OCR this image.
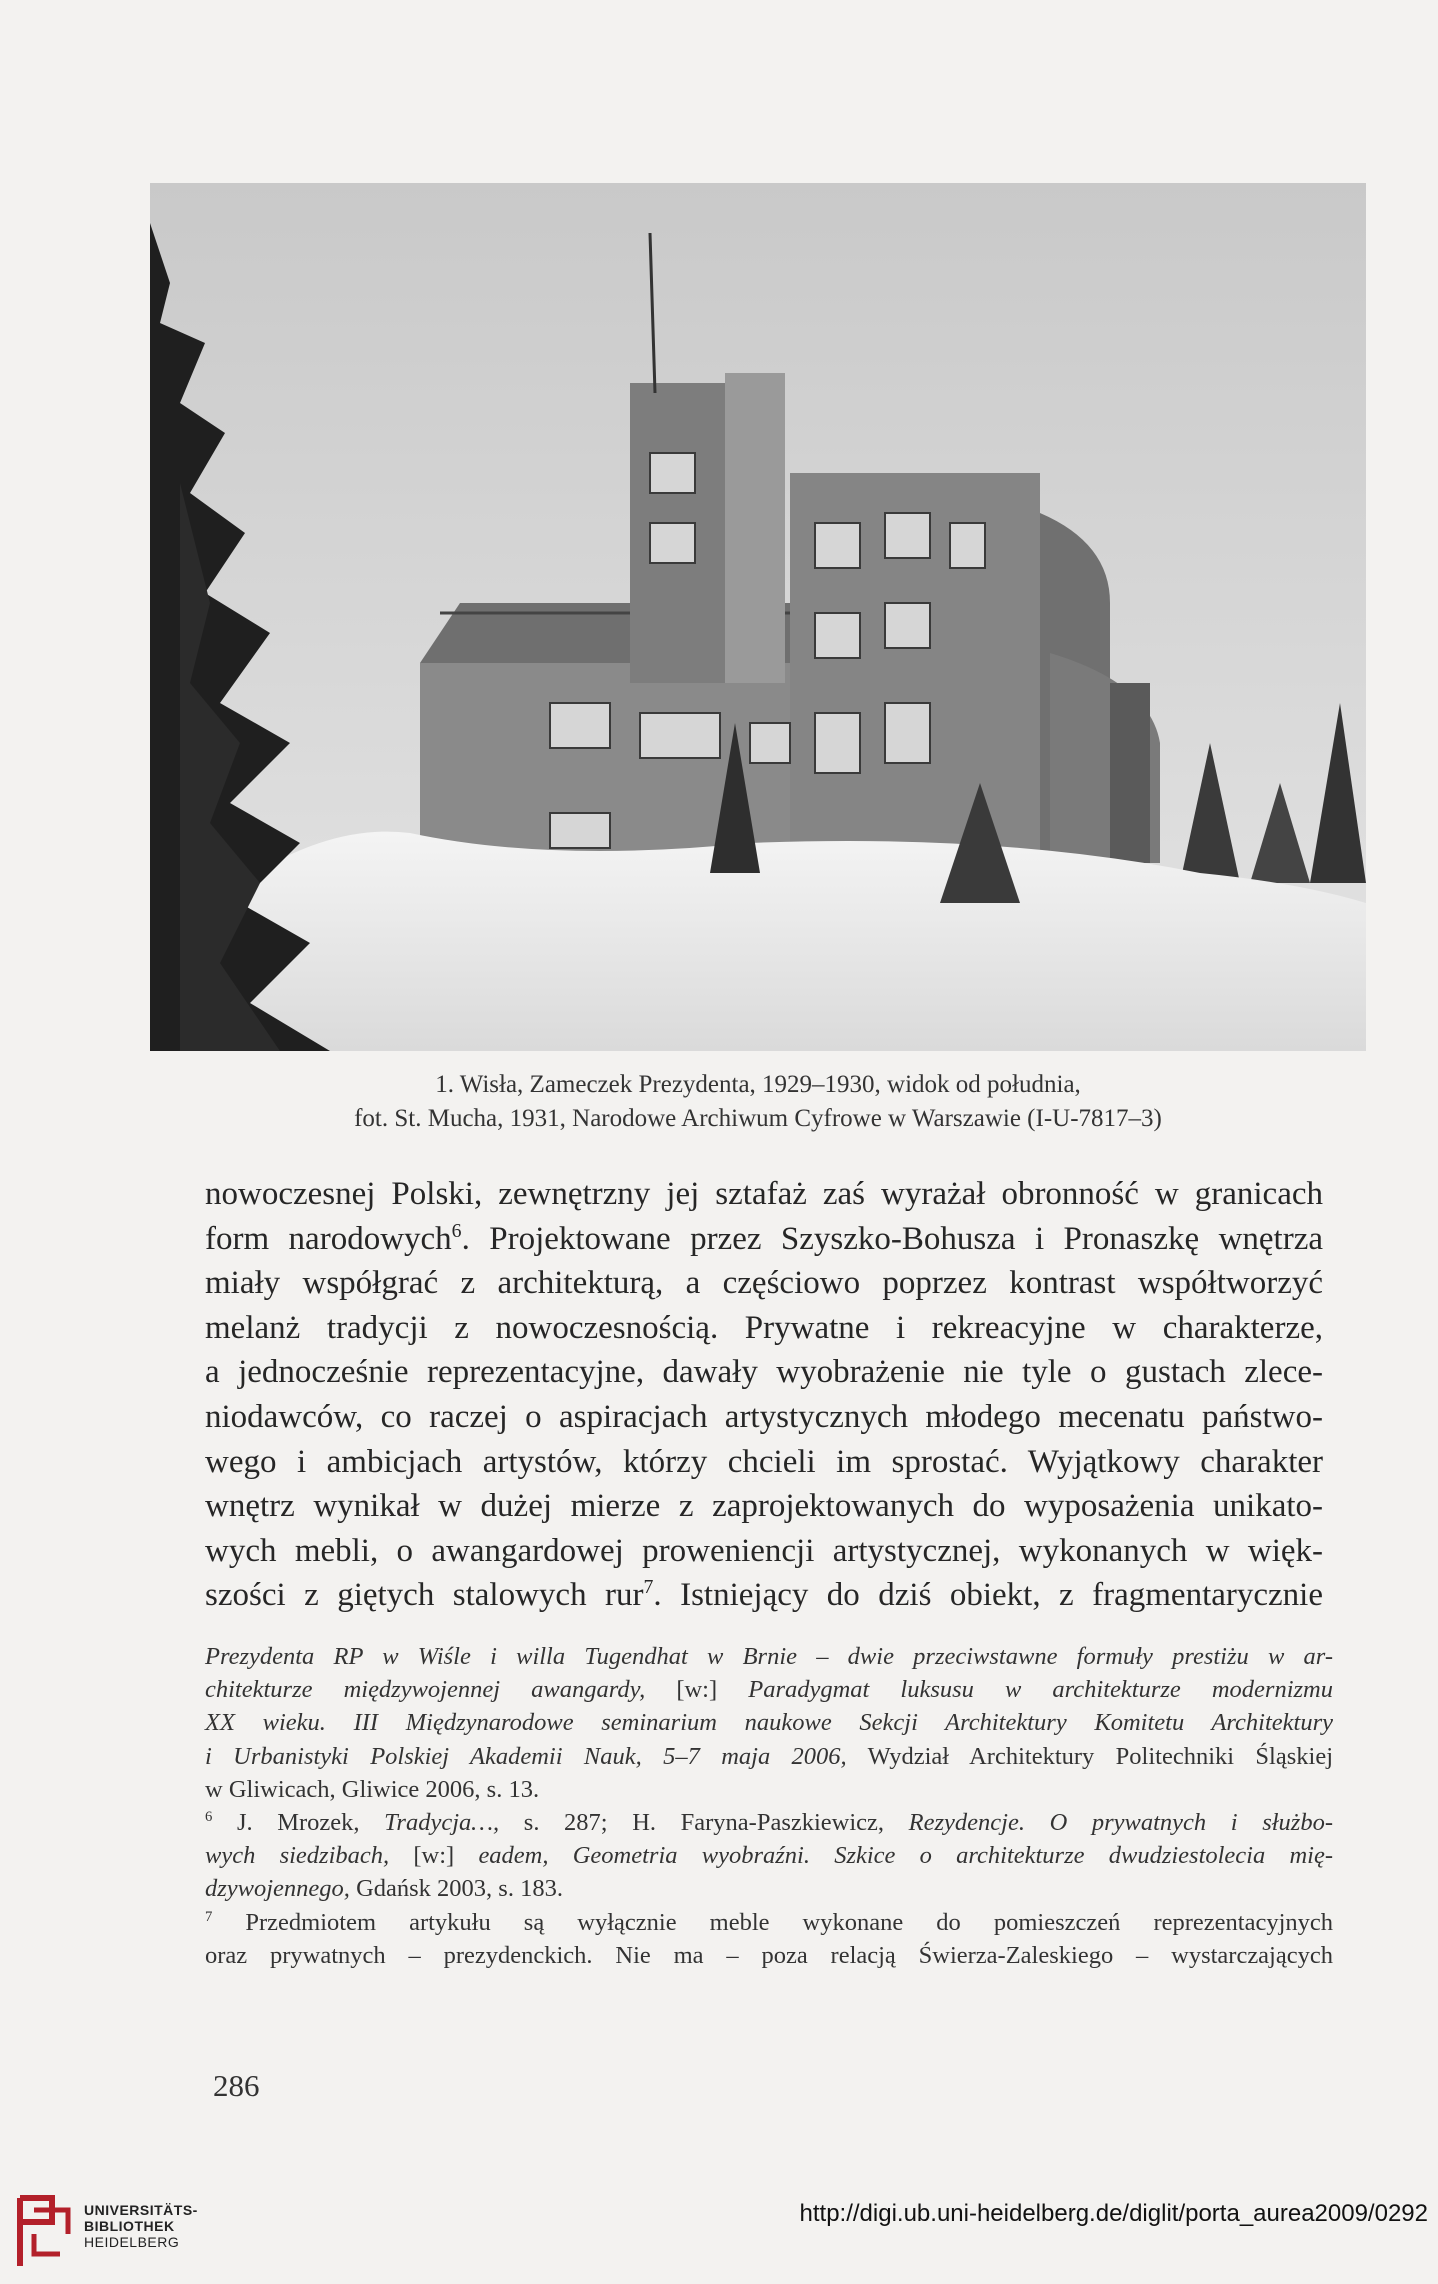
1. Wisła, Zameczek Prezydenta, 1929–1930, widok od południa,
fot. St. Mucha, 1931, Narodowe Archiwum Cyfrowe w Warszawie (I-U-7817–3)
nowoczesnej Polski, zewnętrzny jej sztafaż zaś wyrażał obronność w granicach
form narodowych$^6$. Projektowane przez Szyszko-Bohusza i Pronaszkę wnętrza
miały współgrać z architekturą, a częściowo poprzez kontrast współtworzyć
melanż tradycji z nowoczesnością. Prywatne i rekreacyjne w charakterze,
a jednocześnie reprezentacyjne, dawały wyobrażenie nie tyle o gustach zlece-
niodawców, co raczej o aspiracjach artystycznych młodego mecenatu państwo-
wego i ambicjach artystów, którzy chcieli im sprostać. Wyjątkowy charakter
wnętrz wynikał w dużej mierze z zaprojektowanych do wyposażenia unikato-
wych mebli, o awangardowej proweniencji artystycznej, wykonanych w więk-
szości z giętych stalowych rur$^7$. Istniejący do dziś obiekt, z fragmentarycznie
Prezydenta RP w Wiśle i willa Tugendhat w Brnie – dwie przeciwstawne formuły prestiżu w ar-
chitekturze międzywojennej awangardy, [w:] Paradygmat luksusu w architekturze modernizmu
XX wieku. III Międzynarodowe seminarium naukowe Sekcji Architektury Komitetu Architektury
i Urbanistyki Polskiej Akademii Nauk, 5–7 maja 2006, Wydział Architektury Politechniki Śląskiej
w Gliwicach, Gliwice 2006, s. 13.
$^6$ J. Mrozek, Tradycja…, s. 287; H. Faryna-Paszkiewicz, Rezydencje. O prywatnych i służbo-
wych siedzibach, [w:] eadem, Geometria wyobraźni. Szkice o architekturze dwudziestolecia mię-
dzywojennego, Gdańsk 2003, s. 183.
$^7$ Przedmiotem artykułu są wyłącznie meble wykonane do pomieszczeń reprezentacyjnych
oraz prywatnych – prezydenckich. Nie ma – poza relacją Świerza-Zaleskiego – wystarczających
286
UNIVERSITÄTS-
BIBLIOTHEK
HEIDELBERG
http://digi.ub.uni-heidelberg.de/diglit/porta_aurea2009/0292
